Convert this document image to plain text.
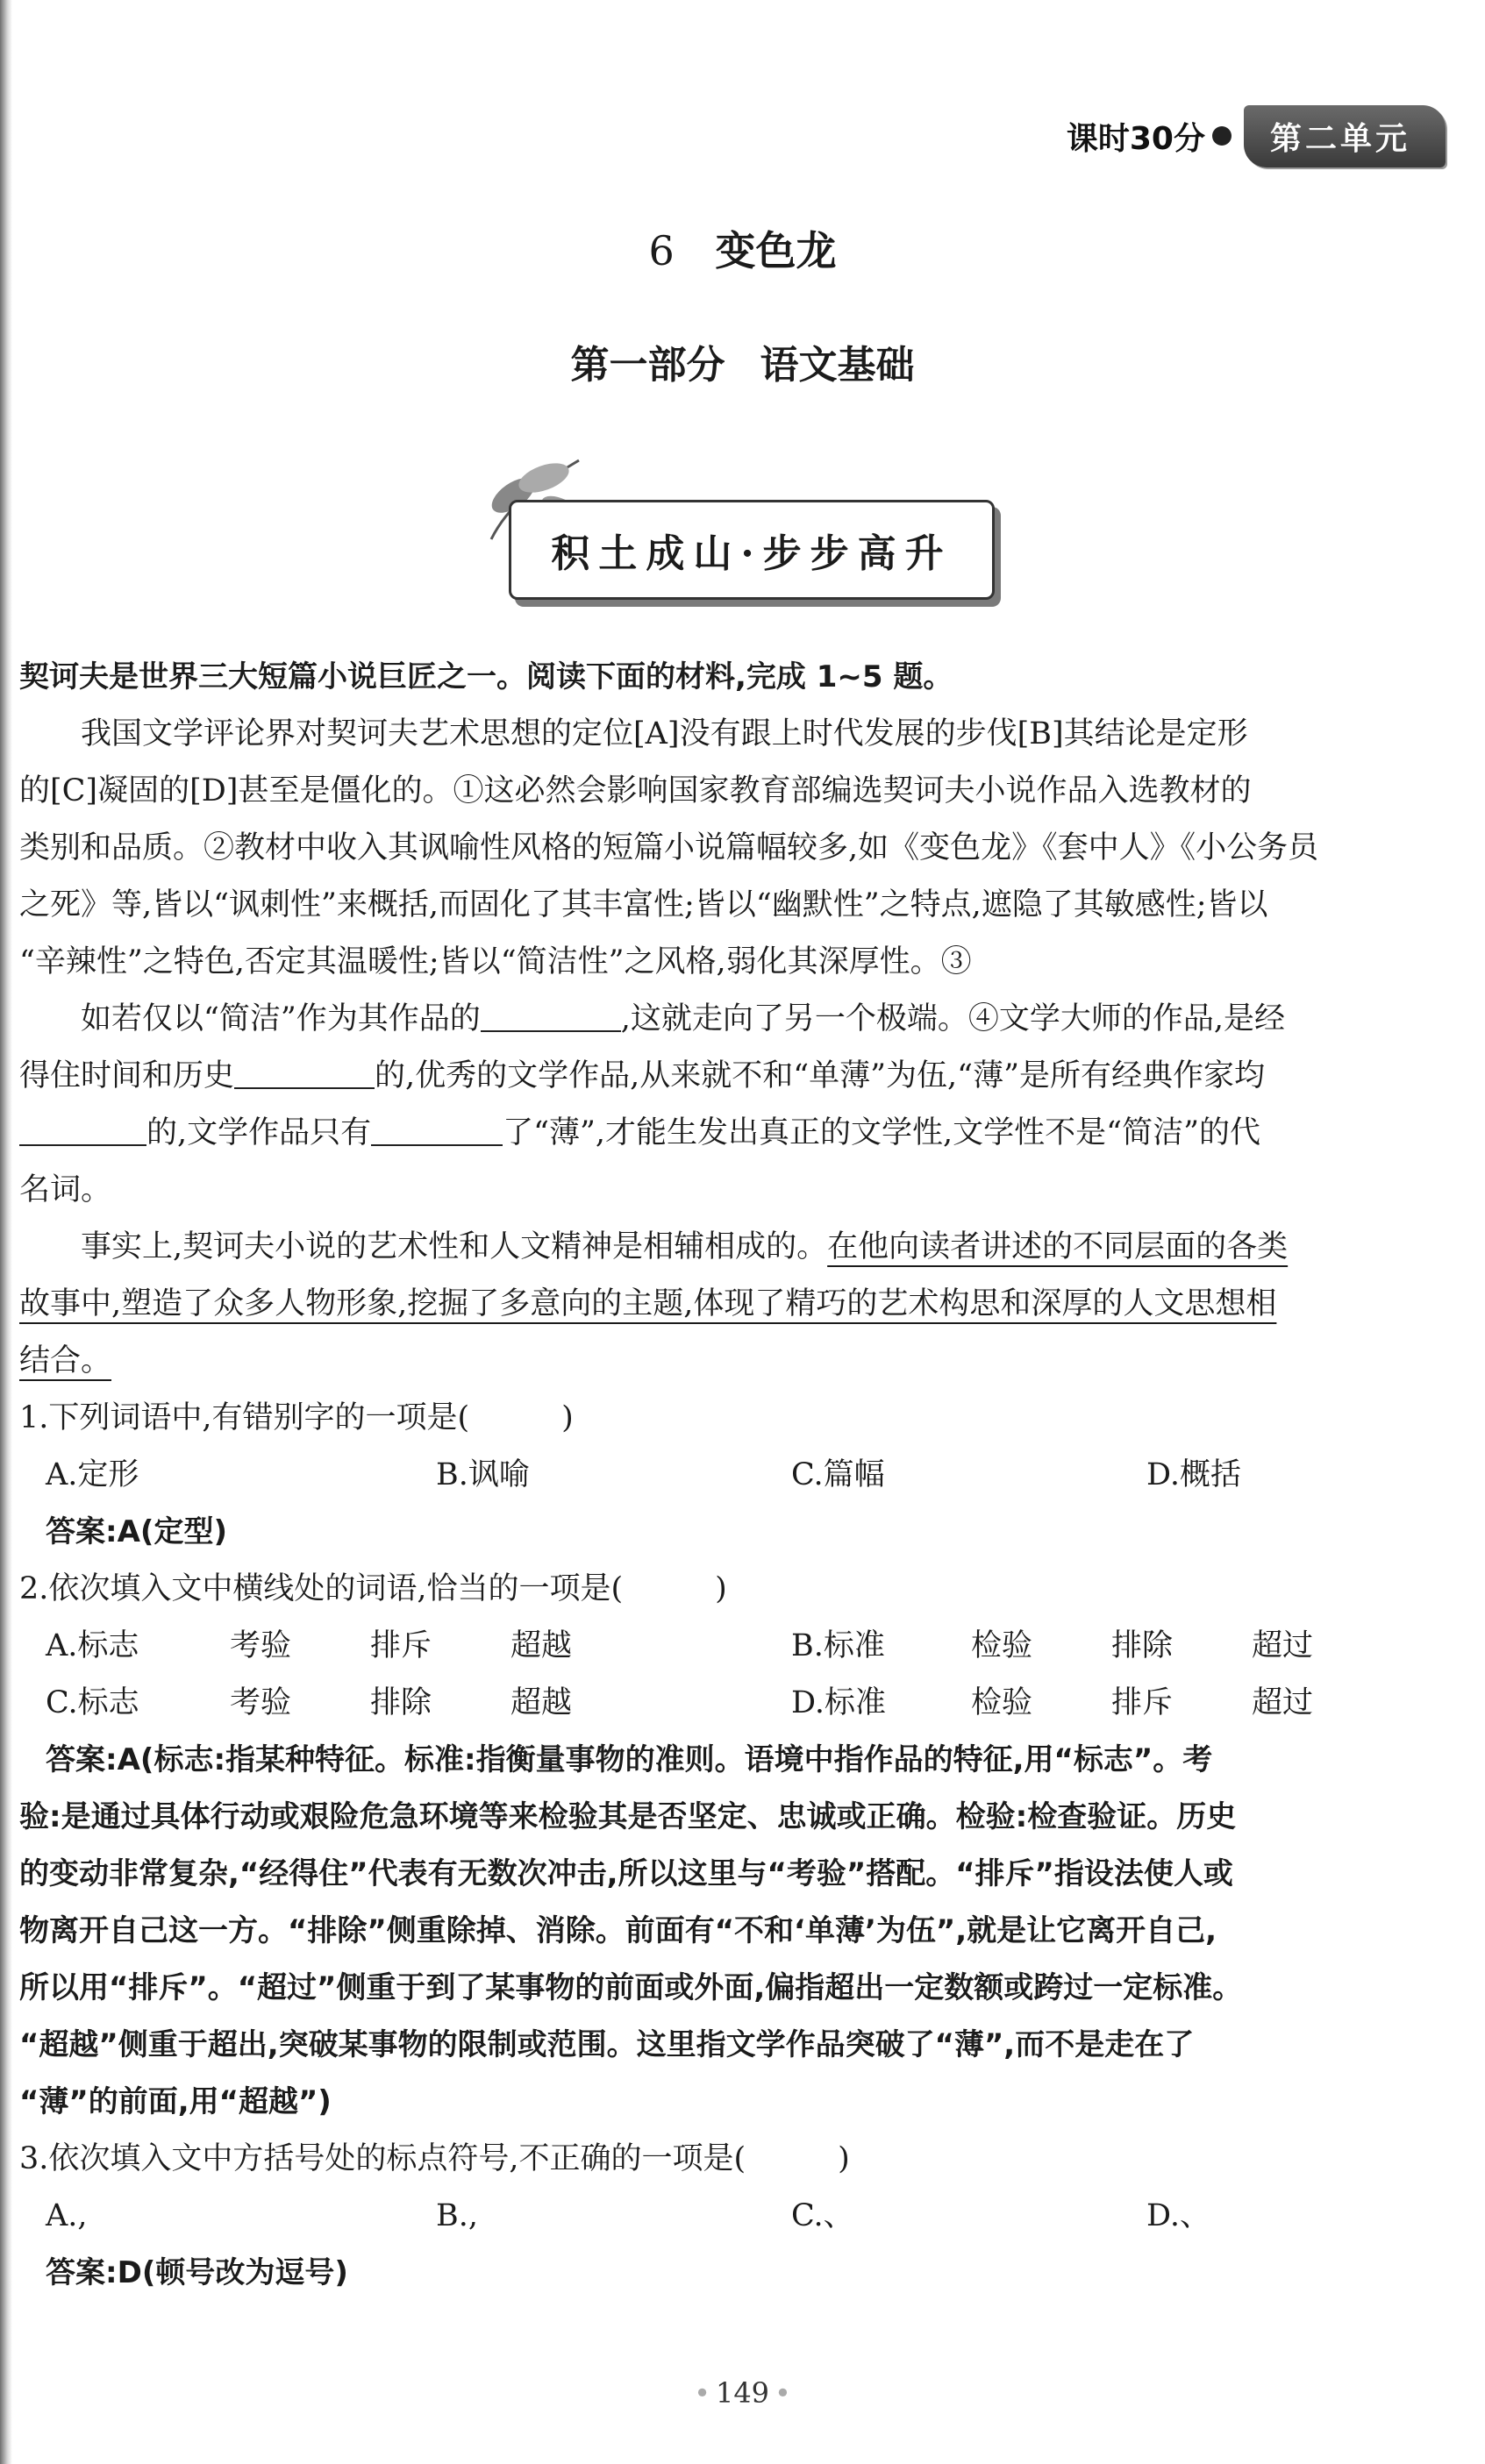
课时30分	第二单元
6 变色龙
第一部分 语文基础
积土成山·步步高升
契诃夫是世界三大短篇小说巨匠之一。阅读下面的材料,完成 1~5 题。
我国文学评论界对契诃夫艺术思想的定位[A]没有跟上时代发展的步伐[B]其结论是定形
的[C]凝固的[D]甚至是僵化的。①这必然会影响国家教育部编选契诃夫小说作品入选教材的
类别和品质。②教材中收入其讽喻性风格的短篇小说篇幅较多,如《变色龙》《套中人》《小公务员
之死》等,皆以“讽刺性”来概括,而固化了其丰富性;皆以“幽默性”之特点,遮隐了其敏感性;皆以
“辛辣性”之特色,否定其温暖性;皆以“简洁性”之风格,弱化其深厚性。③
如若仅以“简洁”作为其作品的	,这就走向了另一个极端。④文学大师的作品,是经
得住时间和历史	的,优秀的文学作品,从来就不和“单薄”为伍,“薄”是所有经典作家均
的,文学作品只有	了“薄”,才能生发出真正的文学性,文学性不是“简洁”的代
名词。
事实上,契诃夫小说的艺术性和人文精神是相辅相成的。在他向读者讲述的不同层面的各类
故事中,塑造了众多人物形象,挖掘了多意向的主题,体现了精巧的艺术构思和深厚的人文思想相
结合。
1.下列词语中,有错别字的一项是(　　　)
A.定形	B.讽喻	C.篇幅	D.概括
答案:A(定型)
2.依次填入文中横线处的词语,恰当的一项是(　　　)
A.标志	考验	排斥	超越	B.标准	检验	排除	超过
C.标志	考验	排除	超越	D.标准	检验	排斥	超过
答案:A(标志:指某种特征。标准:指衡量事物的准则。语境中指作品的特征,用“标志”。考
验:是通过具体行动或艰险危急环境等来检验其是否坚定、忠诚或正确。检验:检查验证。历史
的变动非常复杂,“经得住”代表有无数次冲击,所以这里与“考验”搭配。“排斥”指设法使人或
物离开自己这一方。“排除”侧重除掉、消除。前面有“不和‘单薄’为伍”,就是让它离开自己,
所以用“排斥”。“超过”侧重于到了某事物的前面或外面,偏指超出一定数额或跨过一定标准。
“超越”侧重于超出,突破某事物的限制或范围。这里指文学作品突破了“薄”,而不是走在了
“薄”的前面,用“超越”)
3.依次填入文中方括号处的标点符号,不正确的一项是(　　　)
A.,	B.,	C.、	D.、
答案:D(顿号改为逗号)
• 149 •
